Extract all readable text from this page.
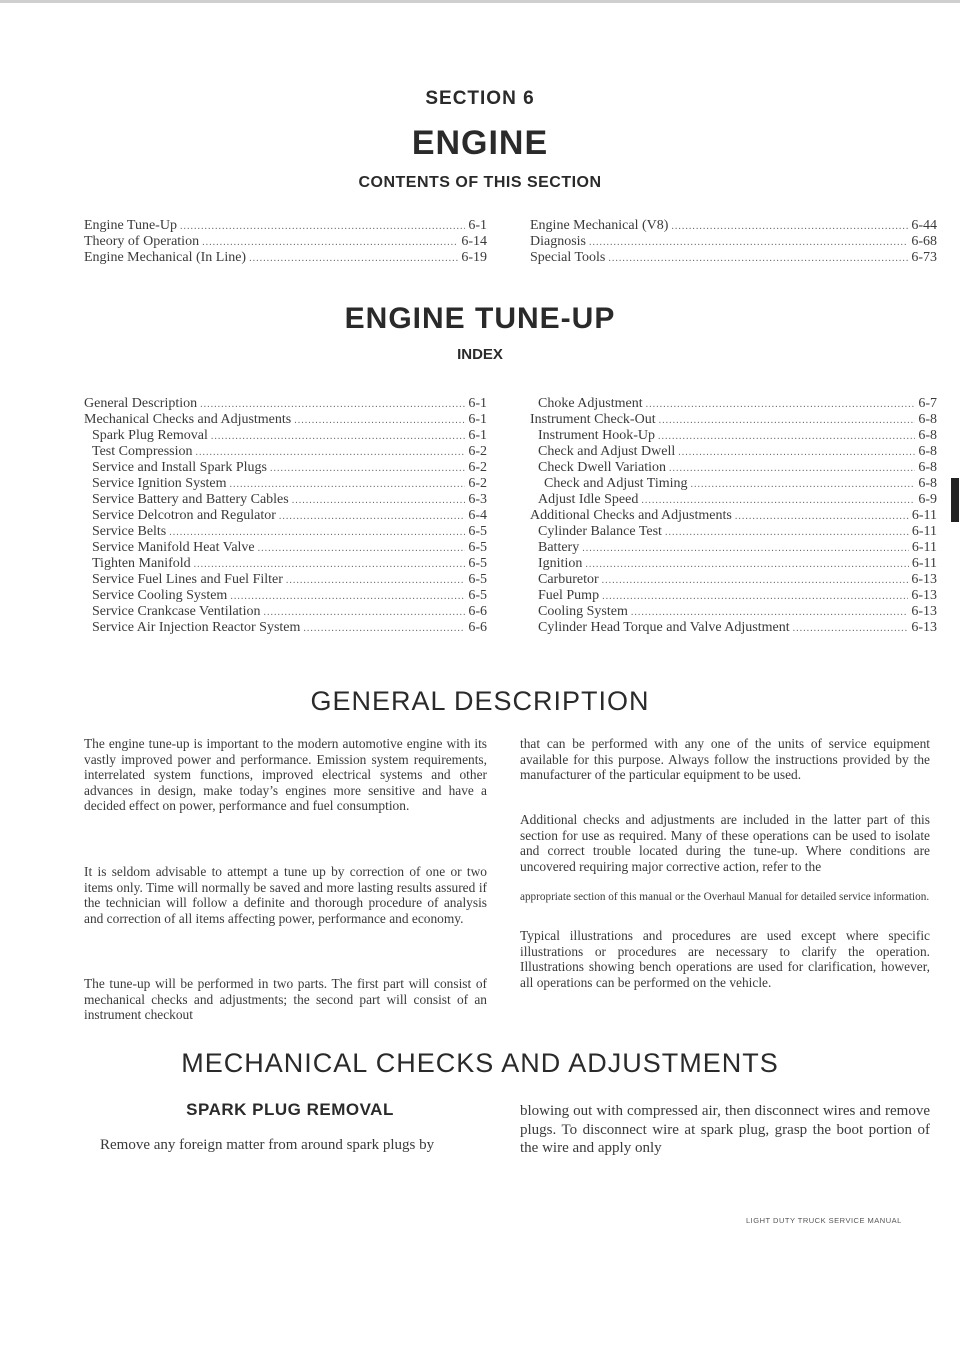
SECTION 6
ENGINE
CONTENTS OF THIS SECTION
Engine Tune-Up .....	6-1
Theory of Operation .....	6-14
Engine Mechanical (In Line) .....	6-19
Engine Mechanical (V8) .....	6-44
Diagnosis .....	6-68
Special Tools .....	6-73
ENGINE TUNE-UP
INDEX
General Description .....	6-1
Mechanical Checks and Adjustments .....	6-1
Spark Plug Removal .....	6-1
Test Compression .....	6-2
Service and Install Spark Plugs .....	6-2
Service Ignition System .....	6-2
Service Battery and Battery Cables .....	6-3
Service Delcotron and Regulator .....	6-4
Service Belts .....	6-5
Service Manifold Heat Valve .....	6-5
Tighten Manifold .....	6-5
Service Fuel Lines and Fuel Filter .....	6-5
Service Cooling System .....	6-5
Service Crankcase Ventilation .....	6-6
Service Air Injection Reactor System .....	6-6
Choke Adjustment .....	6-7
Instrument Check-Out .....	6-8
Instrument Hook-Up .....	6-8
Check and Adjust Dwell .....	6-8
Check Dwell Variation .....	6-8
Check and Adjust Timing .....	6-8
Adjust Idle Speed .....	6-9
Additional Checks and Adjustments .....	6-11
Cylinder Balance Test .....	6-11
Battery .....	6-11
Ignition .....	6-11
Carburetor .....	6-13
Fuel Pump .....	6-13
Cooling System .....	6-13
Cylinder Head Torque and Valve Adjustment .....	6-13
GENERAL DESCRIPTION

The engine tune-up is important to the modern automotive engine with its vastly improved power and performance. Emission system requirements, interrelated system functions, improved electrical systems and other advances in design, make today’s engines more sensitive and have a decided effect on power, performance and fuel consumption.

It is seldom advisable to attempt a tune up by correction of one or two items only. Time will normally be saved and more lasting results assured if the technician will follow a definite and thorough procedure of analysis and correction of all items affecting power, performance and economy.

The tune-up will be performed in two parts. The first part will consist of mechanical checks and adjustments; the second part will consist of an instrument checkout

that can be performed with any one of the units of service equipment available for this purpose. Always follow the instructions provided by the manufacturer of the particular equipment to be used.

Additional checks and adjustments are included in the latter part of this section for use as required. Many of these operations can be used to isolate and correct trouble located during the tune-up. Where conditions are uncovered requiring major corrective action, refer to the

appropriate section of this manual or the Overhaul Manual for detailed service information.

Typical illustrations and procedures are used except where specific illustrations or procedures are necessary to clarify the operation. Illustrations showing bench operations are used for clarification, however, all operations can be performed on the vehicle.

MECHANICAL CHECKS AND ADJUSTMENTS
SPARK PLUG REMOVAL

Remove any foreign matter from around spark plugs by

blowing out with compressed air, then disconnect wires and remove plugs. To disconnect wire at spark plug, grasp the boot portion of the wire and apply only

LIGHT DUTY TRUCK SERVICE MANUAL
